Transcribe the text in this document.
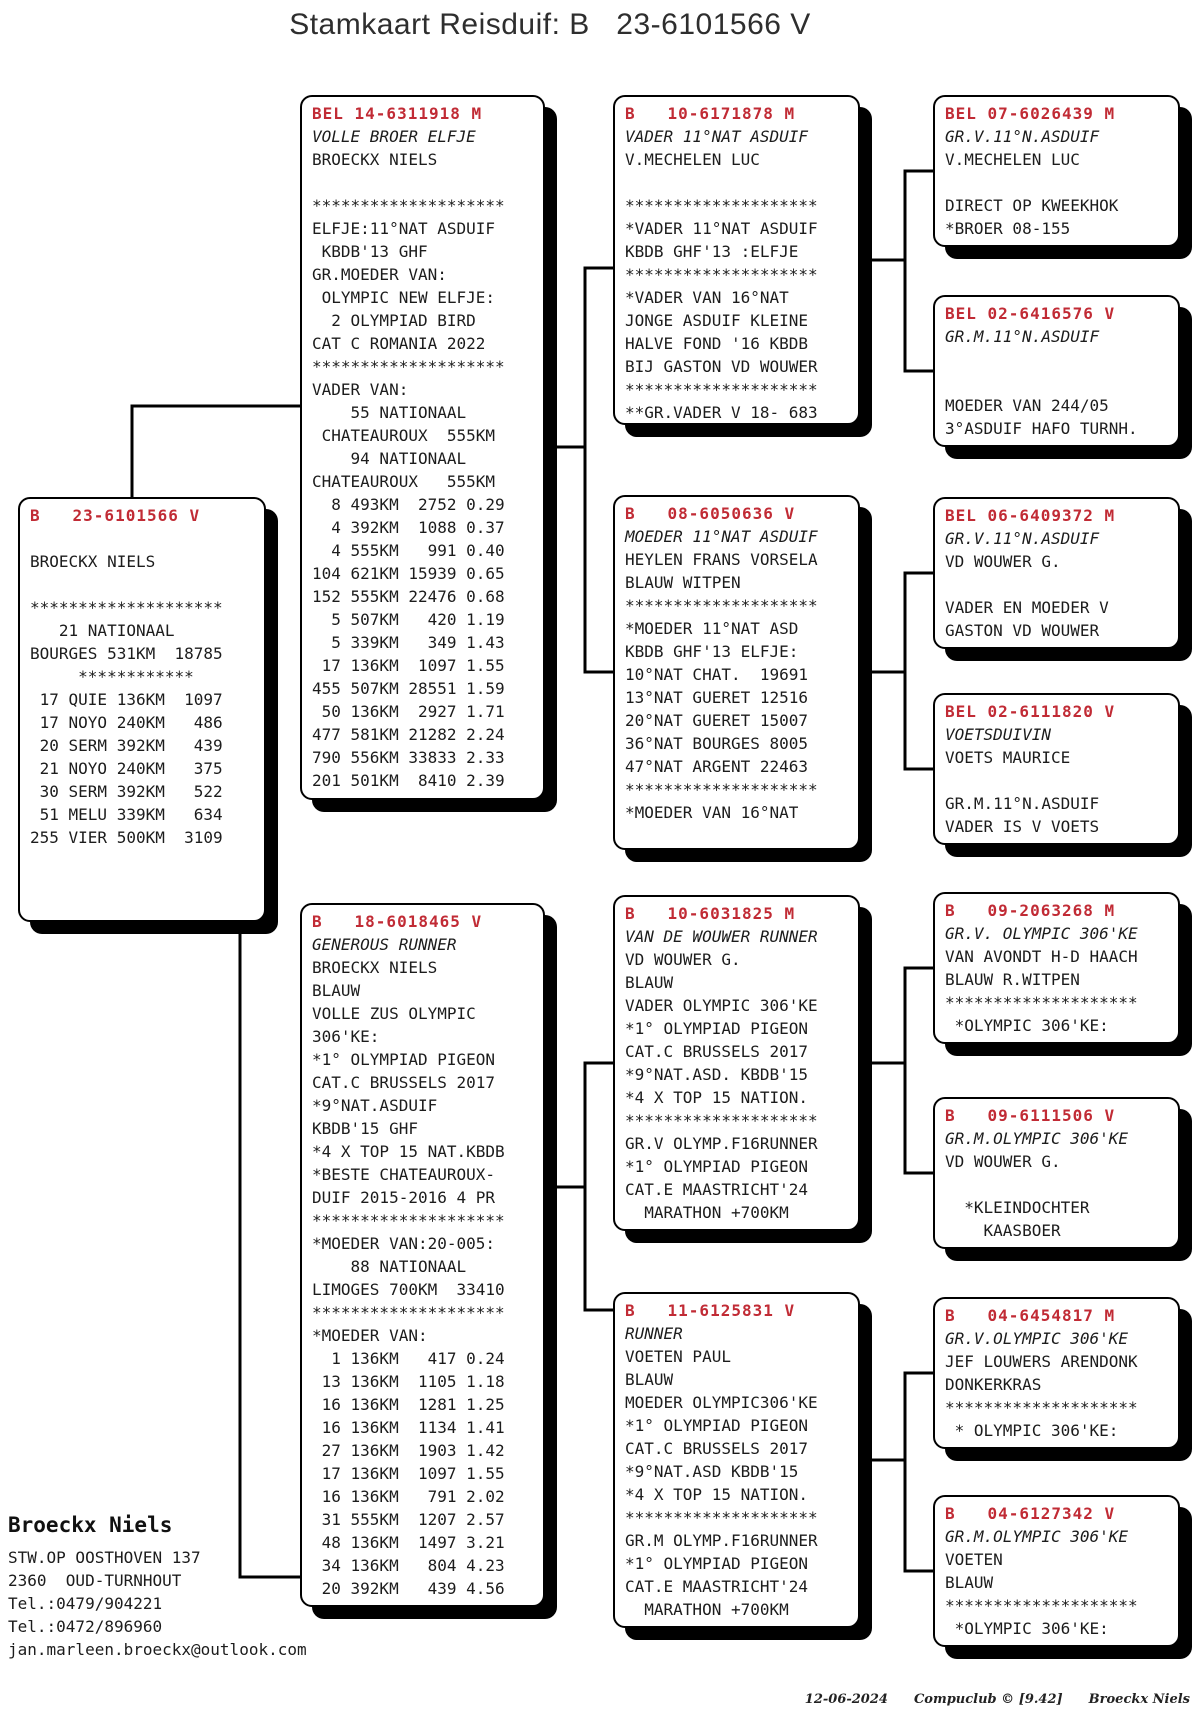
Stamkaart Reisduif: B   23-6101566 V
B   23-6101566 V
BROECKX NIELS
********************
21 NATIONAAL
BOURGES 531KM  18785
************
17 QUIE 136KM  1097
17 NOYO 240KM   486
20 SERM 392KM   439
21 NOYO 240KM   375
30 SERM 392KM   522
51 MELU 339KM   634
255 VIER 500KM  3109
BEL 14-6311918 M
VOLLE BROER ELFJE
BROECKX NIELS
********************
ELFJE:11°NAT ASDUIF
KBDB'13 GHF
GR.MOEDER VAN:
OLYMPIC NEW ELFJE:
2 OLYMPIAD BIRD
CAT C ROMANIA 2022
********************
VADER VAN:
55 NATIONAAL
CHATEAUROUX  555KM
94 NATIONAAL
CHATEAUROUX   555KM
8 493KM  2752 0.29
4 392KM  1088 0.37
4 555KM   991 0.40
104 621KM 15939 0.65
152 555KM 22476 0.68
5 507KM   420 1.19
5 339KM   349 1.43
17 136KM  1097 1.55
455 507KM 28551 1.59
50 136KM  2927 1.71
477 581KM 21282 2.24
790 556KM 33833 2.33
201 501KM  8410 2.39
B   10-6171878 M
VADER 11°NAT ASDUIF
V.MECHELEN LUC
********************
*VADER 11°NAT ASDUIF
KBDB GHF'13 :ELFJE
********************
*VADER VAN 16°NAT
JONGE ASDUIF KLEINE
HALVE FOND '16 KBDB
BIJ GASTON VD WOUWER
********************
**GR.VADER V 18- 683
B   08-6050636 V
MOEDER 11°NAT ASDUIF
HEYLEN FRANS VORSELA
BLAUW WITPEN
********************
*MOEDER 11°NAT ASD
KBDB GHF'13 ELFJE:
10°NAT CHAT.  19691
13°NAT GUERET 12516
20°NAT GUERET 15007
36°NAT BOURGES 8005
47°NAT ARGENT 22463
********************
*MOEDER VAN 16°NAT
BEL 07-6026439 M
GR.V.11°N.ASDUIF
V.MECHELEN LUC
DIRECT OP KWEEKHOK
*BROER 08-155
BEL 02-6416576 V
GR.M.11°N.ASDUIF
MOEDER VAN 244/05
3°ASDUIF HAFO TURNH.
BEL 06-6409372 M
GR.V.11°N.ASDUIF
VD WOUWER G.
VADER EN MOEDER V
GASTON VD WOUWER
BEL 02-6111820 V
VOETSDUIVIN
VOETS MAURICE
GR.M.11°N.ASDUIF
VADER IS V VOETS
B   18-6018465 V
GENEROUS RUNNER
BROECKX NIELS
BLAUW
VOLLE ZUS OLYMPIC
306'KE:
*1° OLYMPIAD PIGEON
CAT.C BRUSSELS 2017
*9°NAT.ASDUIF
KBDB'15 GHF
*4 X TOP 15 NAT.KBDB
*BESTE CHATEAUROUX-
DUIF 2015-2016 4 PR
********************
*MOEDER VAN:20-005:
88 NATIONAAL
LIMOGES 700KM  33410
********************
*MOEDER VAN:
1 136KM   417 0.24
13 136KM  1105 1.18
16 136KM  1281 1.25
16 136KM  1134 1.41
27 136KM  1903 1.42
17 136KM  1097 1.55
16 136KM   791 2.02
31 555KM  1207 2.57
48 136KM  1497 3.21
34 136KM   804 4.23
20 392KM   439 4.56
B   10-6031825 M
VAN DE WOUWER RUNNER
VD WOUWER G.
BLAUW
VADER OLYMPIC 306'KE
*1° OLYMPIAD PIGEON
CAT.C BRUSSELS 2017
*9°NAT.ASD. KBDB'15
*4 X TOP 15 NATION.
********************
GR.V OLYMP.F16RUNNER
*1° OLYMPIAD PIGEON
CAT.E MAASTRICHT'24
MARATHON +700KM
B   11-6125831 V
RUNNER
VOETEN PAUL
BLAUW
MOEDER OLYMPIC306'KE
*1° OLYMPIAD PIGEON
CAT.C BRUSSELS 2017
*9°NAT.ASD KBDB'15
*4 X TOP 15 NATION.
********************
GR.M OLYMP.F16RUNNER
*1° OLYMPIAD PIGEON
CAT.E MAASTRICHT'24
MARATHON +700KM
B   09-2063268 M
GR.V. OLYMPIC 306'KE
VAN AVONDT H-D HAACH
BLAUW R.WITPEN
********************
*OLYMPIC 306'KE:
B   09-6111506 V
GR.M.OLYMPIC 306'KE
VD WOUWER G.
*KLEINDOCHTER
KAASBOER
B   04-6454817 M
GR.V.OLYMPIC 306'KE
JEF LOUWERS ARENDONK
DONKERKRAS
********************
* OLYMPIC 306'KE:
B   04-6127342 V
GR.M.OLYMPIC 306'KE
VOETEN
BLAUW
********************
*OLYMPIC 306'KE:
Broeckx Niels
STW.OP OOSTHOVEN 137
2360  OUD-TURNHOUT
Tel.:0479/904221
Tel.:0472/896960
jan.marleen.broeckx@outlook.com
12-06-2024 Compuclub © [9.42] Broeckx Niels
